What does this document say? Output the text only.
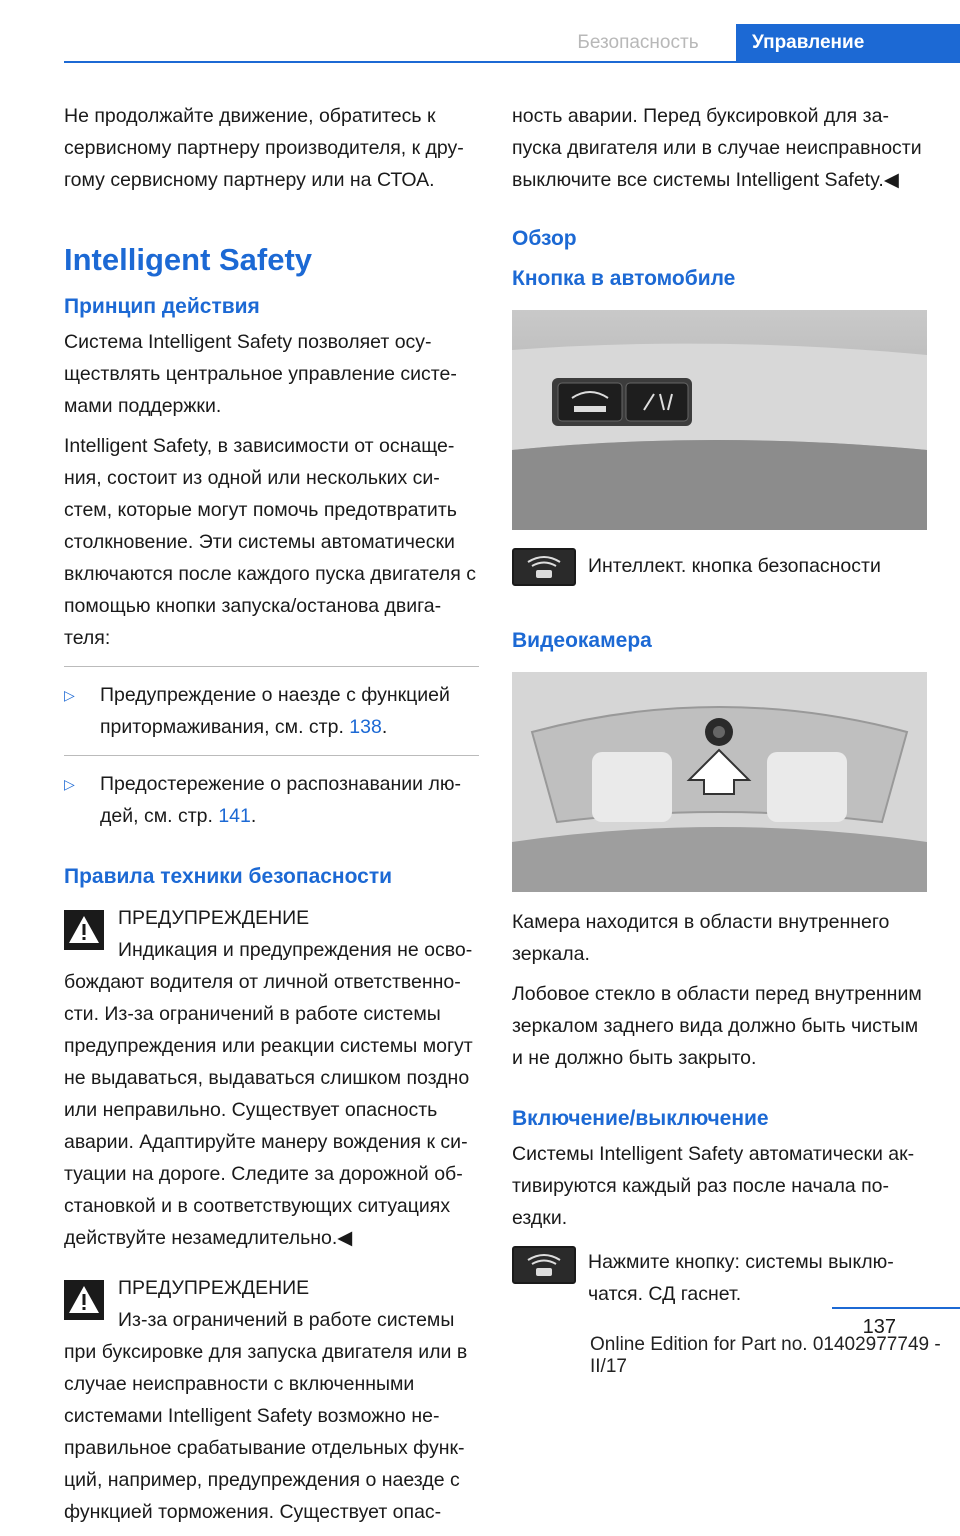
Безопасность	Управление

Не продолжайте движение, обратитесь к сервисному партнеру производителя, к дру-гому сервисному партнеру или на СТОА.

Intelligent Safety
Принцип действия

Система Intelligent Safety позволяет осу-ществлять центральное управление систе-мами поддержки.

Intelligent Safety, в зависимости от оснаще-ния, состоит из одной или нескольких си-стем, которые могут помочь предотвратить столкновение. Эти системы автоматически включаются после каждого пуска двигателя с помощью кнопки запуска/останова двига-теля:

▷ Предупреждение о наезде с функцией притормаживания, см. стр. 138.
▷ Предостережение о распознавании лю-дей, см. стр. 141.
Правила техники безопасности

ПРЕДУПРЕЖДЕНИЕ

Индикация и предупреждения не осво-

бождают водителя от личной ответственно-сти. Из-за ограничений в работе системы предупреждения или реакции системы могут не выдаваться, выдаваться слишком поздно или неправильно. Существует опасность аварии. Адаптируйте манеру вождения к си-туации на дороге. Следите за дорожной об-становкой и в соответствующих ситуациях действуйте незамедлительно.◀

ПРЕДУПРЕЖДЕНИЕ

Из-за ограничений в работе системы

при буксировке для запуска двигателя или в случае неисправности с включенными системами Intelligent Safety возможно не-правильное срабатывание отдельных функ-ций, например, предупреждения о наезде с функцией торможения. Существует опас-

ность аварии. Перед буксировкой для за-пуска двигателя или в случае неисправности выключите все системы Intelligent Safety.◀

Обзор
Кнопка в автомобиле

Интеллект. кнопка безопасности

Видеокамера

Камера находится в области внутреннего зеркала.

Лобовое стекло в области перед внутренним зеркалом заднего вида должно быть чистым и не должно быть закрыто.

Включение/выключение

Системы Intelligent Safety автоматически ак-тивируются каждый раз после начала по-ездки.

Нажмите кнопку: системы выклю-чатся. СД гаснет.

137
Online Edition for Part no. 01402977749 - II/17
